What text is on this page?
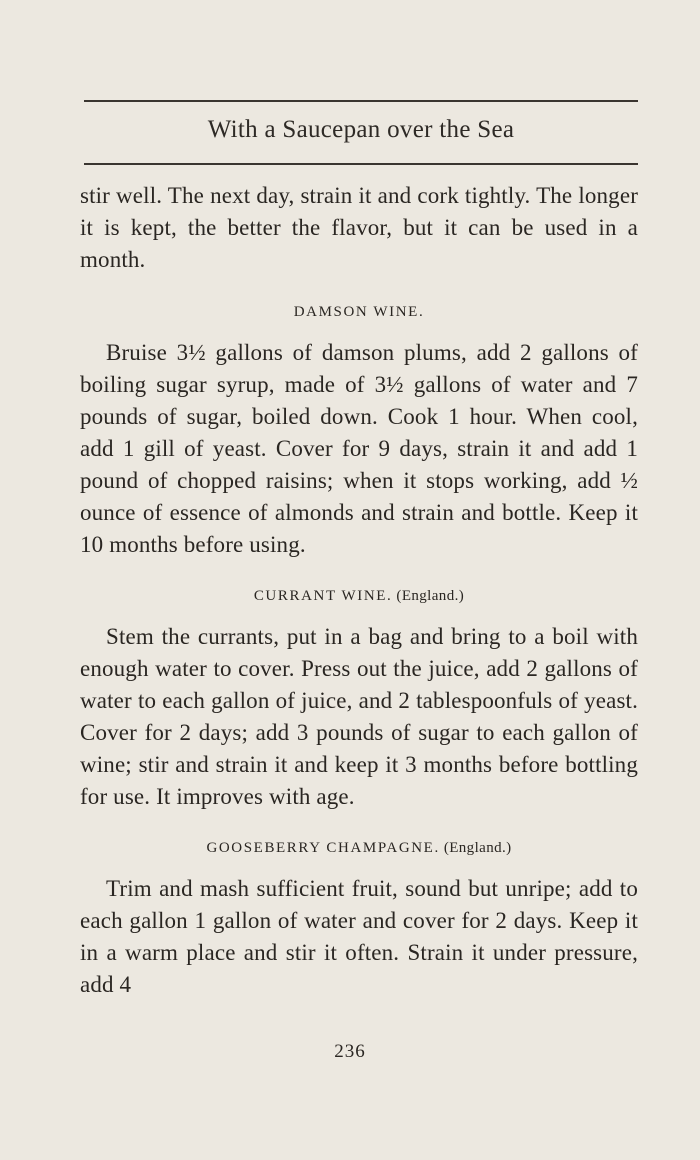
With a Saucepan over the Sea

stir well. The next day, strain it and cork tightly. The longer it is kept, the better the flavor, but it can be used in a month.

DAMSON WINE.

Bruise 3½ gallons of damson plums, add 2 gallons of boiling sugar syrup, made of 3½ gallons of water and 7 pounds of sugar, boiled down. Cook 1 hour. When cool, add 1 gill of yeast. Cover for 9 days, strain it and add 1 pound of chopped raisins; when it stops working, add ½ ounce of essence of almonds and strain and bottle. Keep it 10 months before using.

CURRANT WINE. (England.)

Stem the currants, put in a bag and bring to a boil with enough water to cover. Press out the juice, add 2 gallons of water to each gallon of juice, and 2 tablespoonfuls of yeast. Cover for 2 days; add 3 pounds of sugar to each gallon of wine; stir and strain it and keep it 3 months before bottling for use. It improves with age.

GOOSEBERRY CHAMPAGNE. (England.)

Trim and mash sufficient fruit, sound but unripe; add to each gallon 1 gallon of water and cover for 2 days. Keep it in a warm place and stir it often. Strain it under pressure, add 4

236
